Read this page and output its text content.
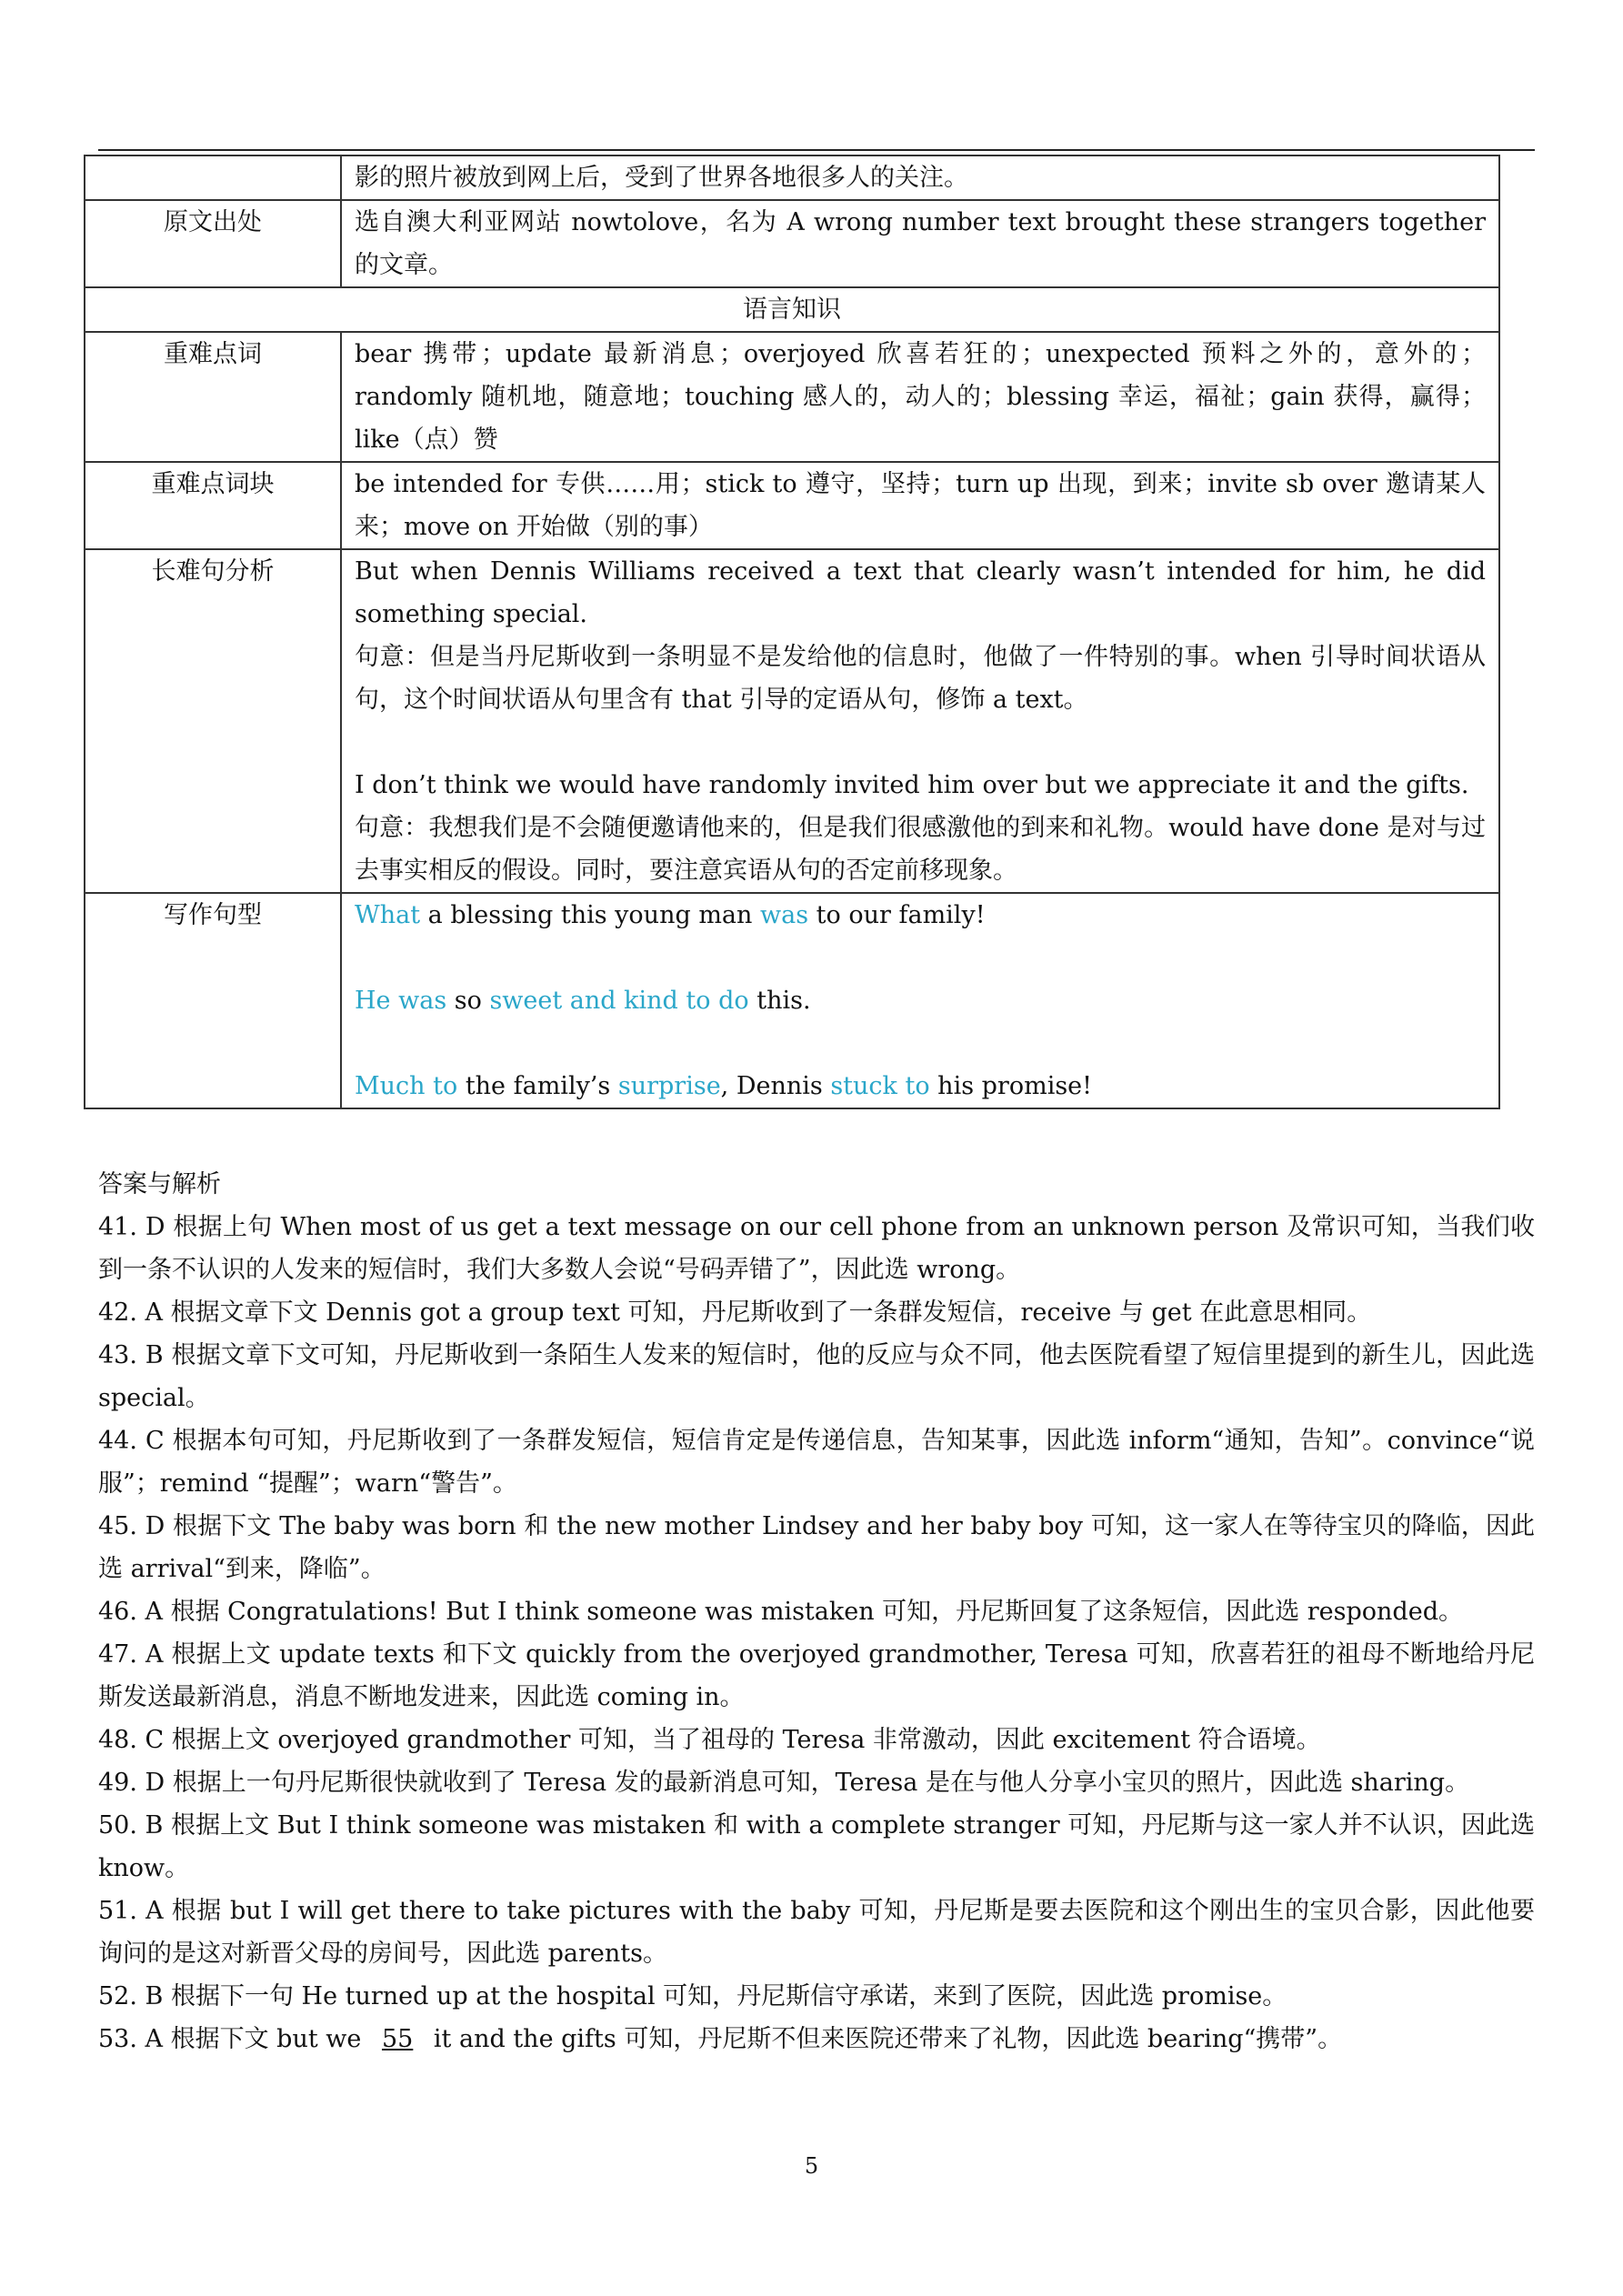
	影的照片被放到网上后，受到了世界各地很多人的关注。

原文出处	选自澳大利亚网站 nowtolove，名为 A wrong number text brought these strangers together 的文章。

语言知识	
重难点词	bear 携带；update 最新消息；overjoyed 欣喜若狂的；unexpected 预料之外的，意外的；randomly 随机地，随意地；touching 感人的，动人的；blessing 幸运，福祉；gain 获得，赢得；like（点）赞

重难点词块	be intended for 专供……用；stick to 遵守，坚持；turn up 出现，到来；invite sb over 邀请某人来；move on 开始做（别的事）

长难句分析	But when Dennis Williams received a text that clearly wasn’t intended for him, he did something special.

句意：但是当丹尼斯收到一条明显不是发给他的信息时，他做了一件特别的事。when 引导时间状语从句，这个时间状语从句里含有 that 引导的定语从句，修饰 a text。

I don’t think we would have randomly invited him over but we appreciate it and the gifts.

句意：我想我们是不会随便邀请他来的，但是我们很感激他的到来和礼物。would have done 是对与过去事实相反的假设。同时，要注意宾语从句的否定前移现象。

写作句型	What a blessing this young man was to our family!

He was so sweet and kind to do this.

Much to the family’s surprise, Dennis stuck to his promise!

答案与解析

41. D 根据上句 When most of us get a text message on our cell phone from an unknown person 及常识可知，当我们收到一条不认识的人发来的短信时，我们大多数人会说“号码弄错了”，因此选 wrong。

42. A 根据文章下文 Dennis got a group text 可知，丹尼斯收到了一条群发短信，receive 与 get 在此意思相同。

43. B 根据文章下文可知，丹尼斯收到一条陌生人发来的短信时，他的反应与众不同，他去医院看望了短信里提到的新生儿，因此选 special。

44. C 根据本句可知，丹尼斯收到了一条群发短信，短信肯定是传递信息，告知某事，因此选 inform“通知，告知”。convince“说服”；remind “提醒”；warn“警告”。

45. D 根据下文 The baby was born 和 the new mother Lindsey and her baby boy 可知，这一家人在等待宝贝的降临，因此选 arrival“到来，降临”。

46. A 根据 Congratulations! But I think someone was mistaken 可知，丹尼斯回复了这条短信，因此选 responded。

47. A 根据上文 update texts 和下文 quickly from the overjoyed grandmother, Teresa 可知，欣喜若狂的祖母不断地给丹尼斯发送最新消息，消息不断地发进来，因此选 coming in。

48. C 根据上文 overjoyed grandmother 可知，当了祖母的 Teresa 非常激动，因此 excitement 符合语境。

49. D 根据上一句丹尼斯很快就收到了 Teresa 发的最新消息可知，Teresa 是在与他人分享小宝贝的照片，因此选 sharing。

50. B 根据上文 But I think someone was mistaken 和 with a complete stranger 可知，丹尼斯与这一家人并不认识，因此选 know。

51. A 根据 but I will get there to take pictures with the baby 可知，丹尼斯是要去医院和这个刚出生的宝贝合影，因此他要询问的是这对新晋父母的房间号，因此选 parents。

52. B 根据下一句 He turned up at the hospital 可知，丹尼斯信守承诺，来到了医院，因此选 promise。

53. A 根据下文 but we 55 it and the gifts 可知，丹尼斯不但来医院还带来了礼物，因此选 bearing“携带”。

5
